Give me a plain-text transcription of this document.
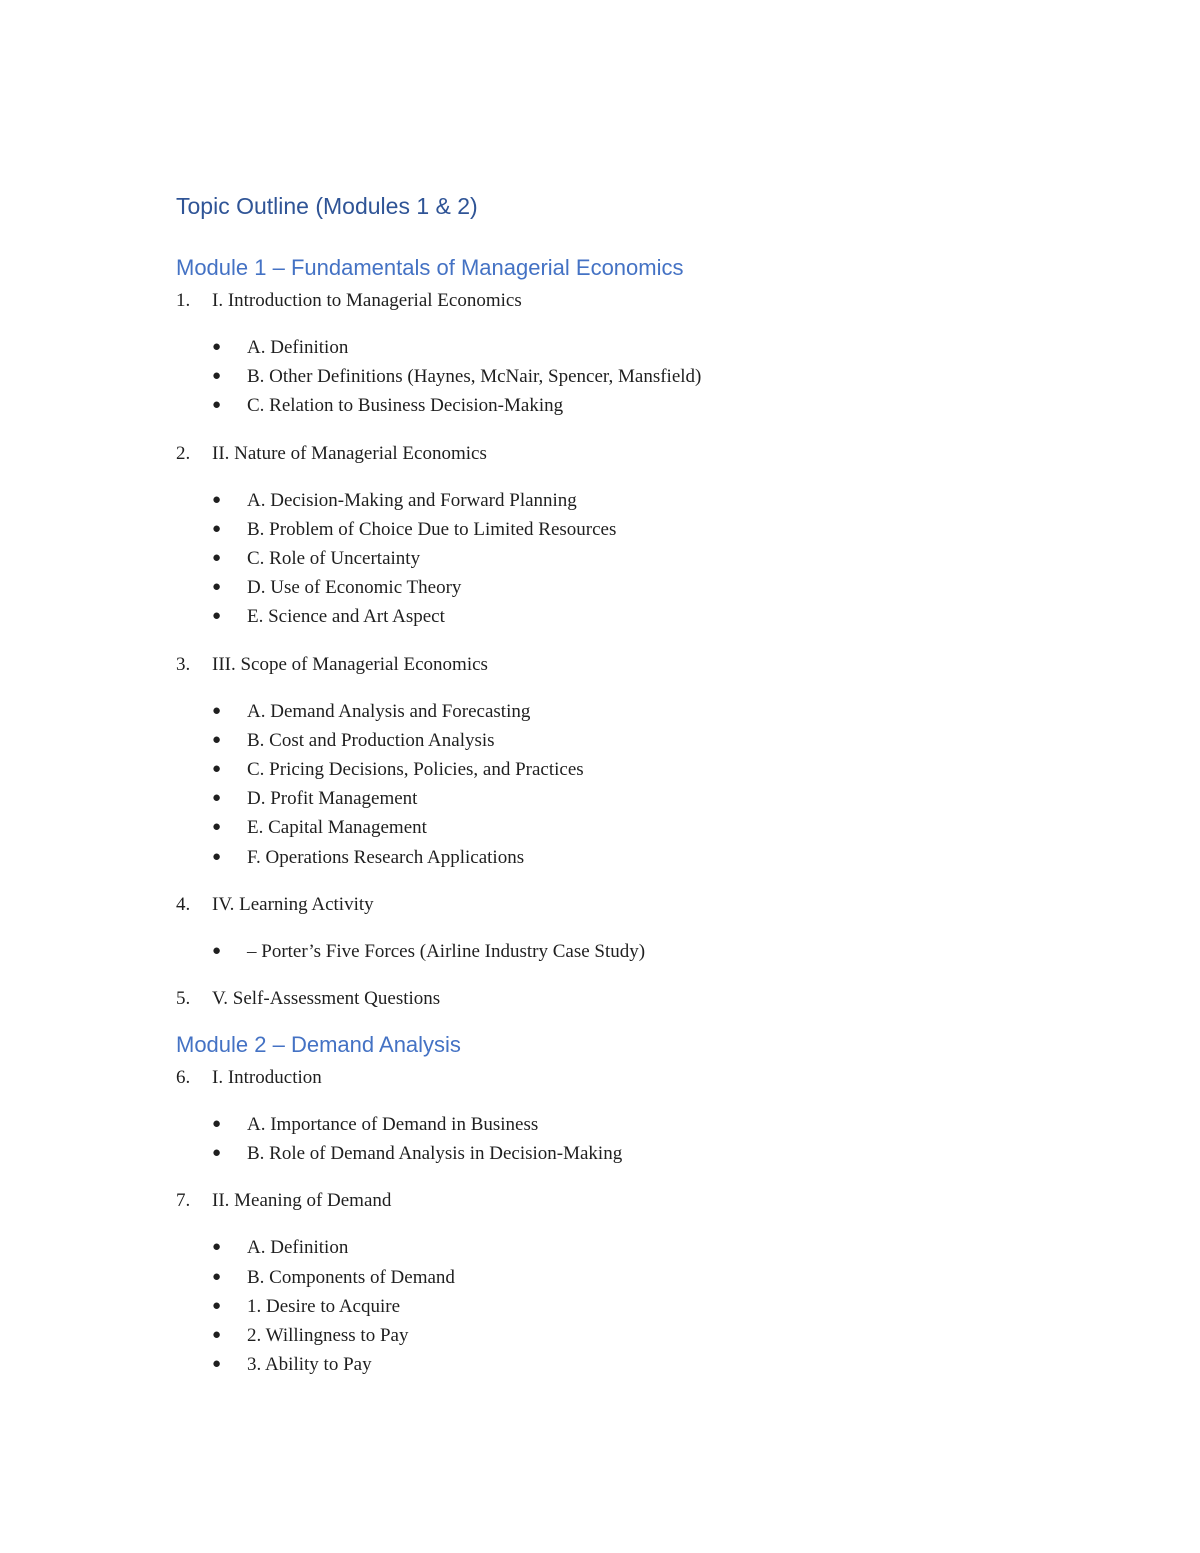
Topic Outline (Modules 1 & 2)
Module 1 – Fundamentals of Managerial Economics
1.	I. Introduction to Managerial Economics
●	A. Definition
●	B. Other Definitions (Haynes, McNair, Spencer, Mansfield)
●	C. Relation to Business Decision-Making
2.	II. Nature of Managerial Economics
●	A. Decision-Making and Forward Planning
●	B. Problem of Choice Due to Limited Resources
●	C. Role of Uncertainty
●	D. Use of Economic Theory
●	E. Science and Art Aspect
3.	III. Scope of Managerial Economics
●	A. Demand Analysis and Forecasting
●	B. Cost and Production Analysis
●	C. Pricing Decisions, Policies, and Practices
●	D. Profit Management
●	E. Capital Management
●	F. Operations Research Applications
4.	IV. Learning Activity
●	– Porter’s Five Forces (Airline Industry Case Study)
5.	V. Self-Assessment Questions
Module 2 – Demand Analysis
6.	I. Introduction
●	A. Importance of Demand in Business
●	B. Role of Demand Analysis in Decision-Making
7.	II. Meaning of Demand
●	A. Definition
●	B. Components of Demand
●	1. Desire to Acquire
●	2. Willingness to Pay
●	3. Ability to Pay
